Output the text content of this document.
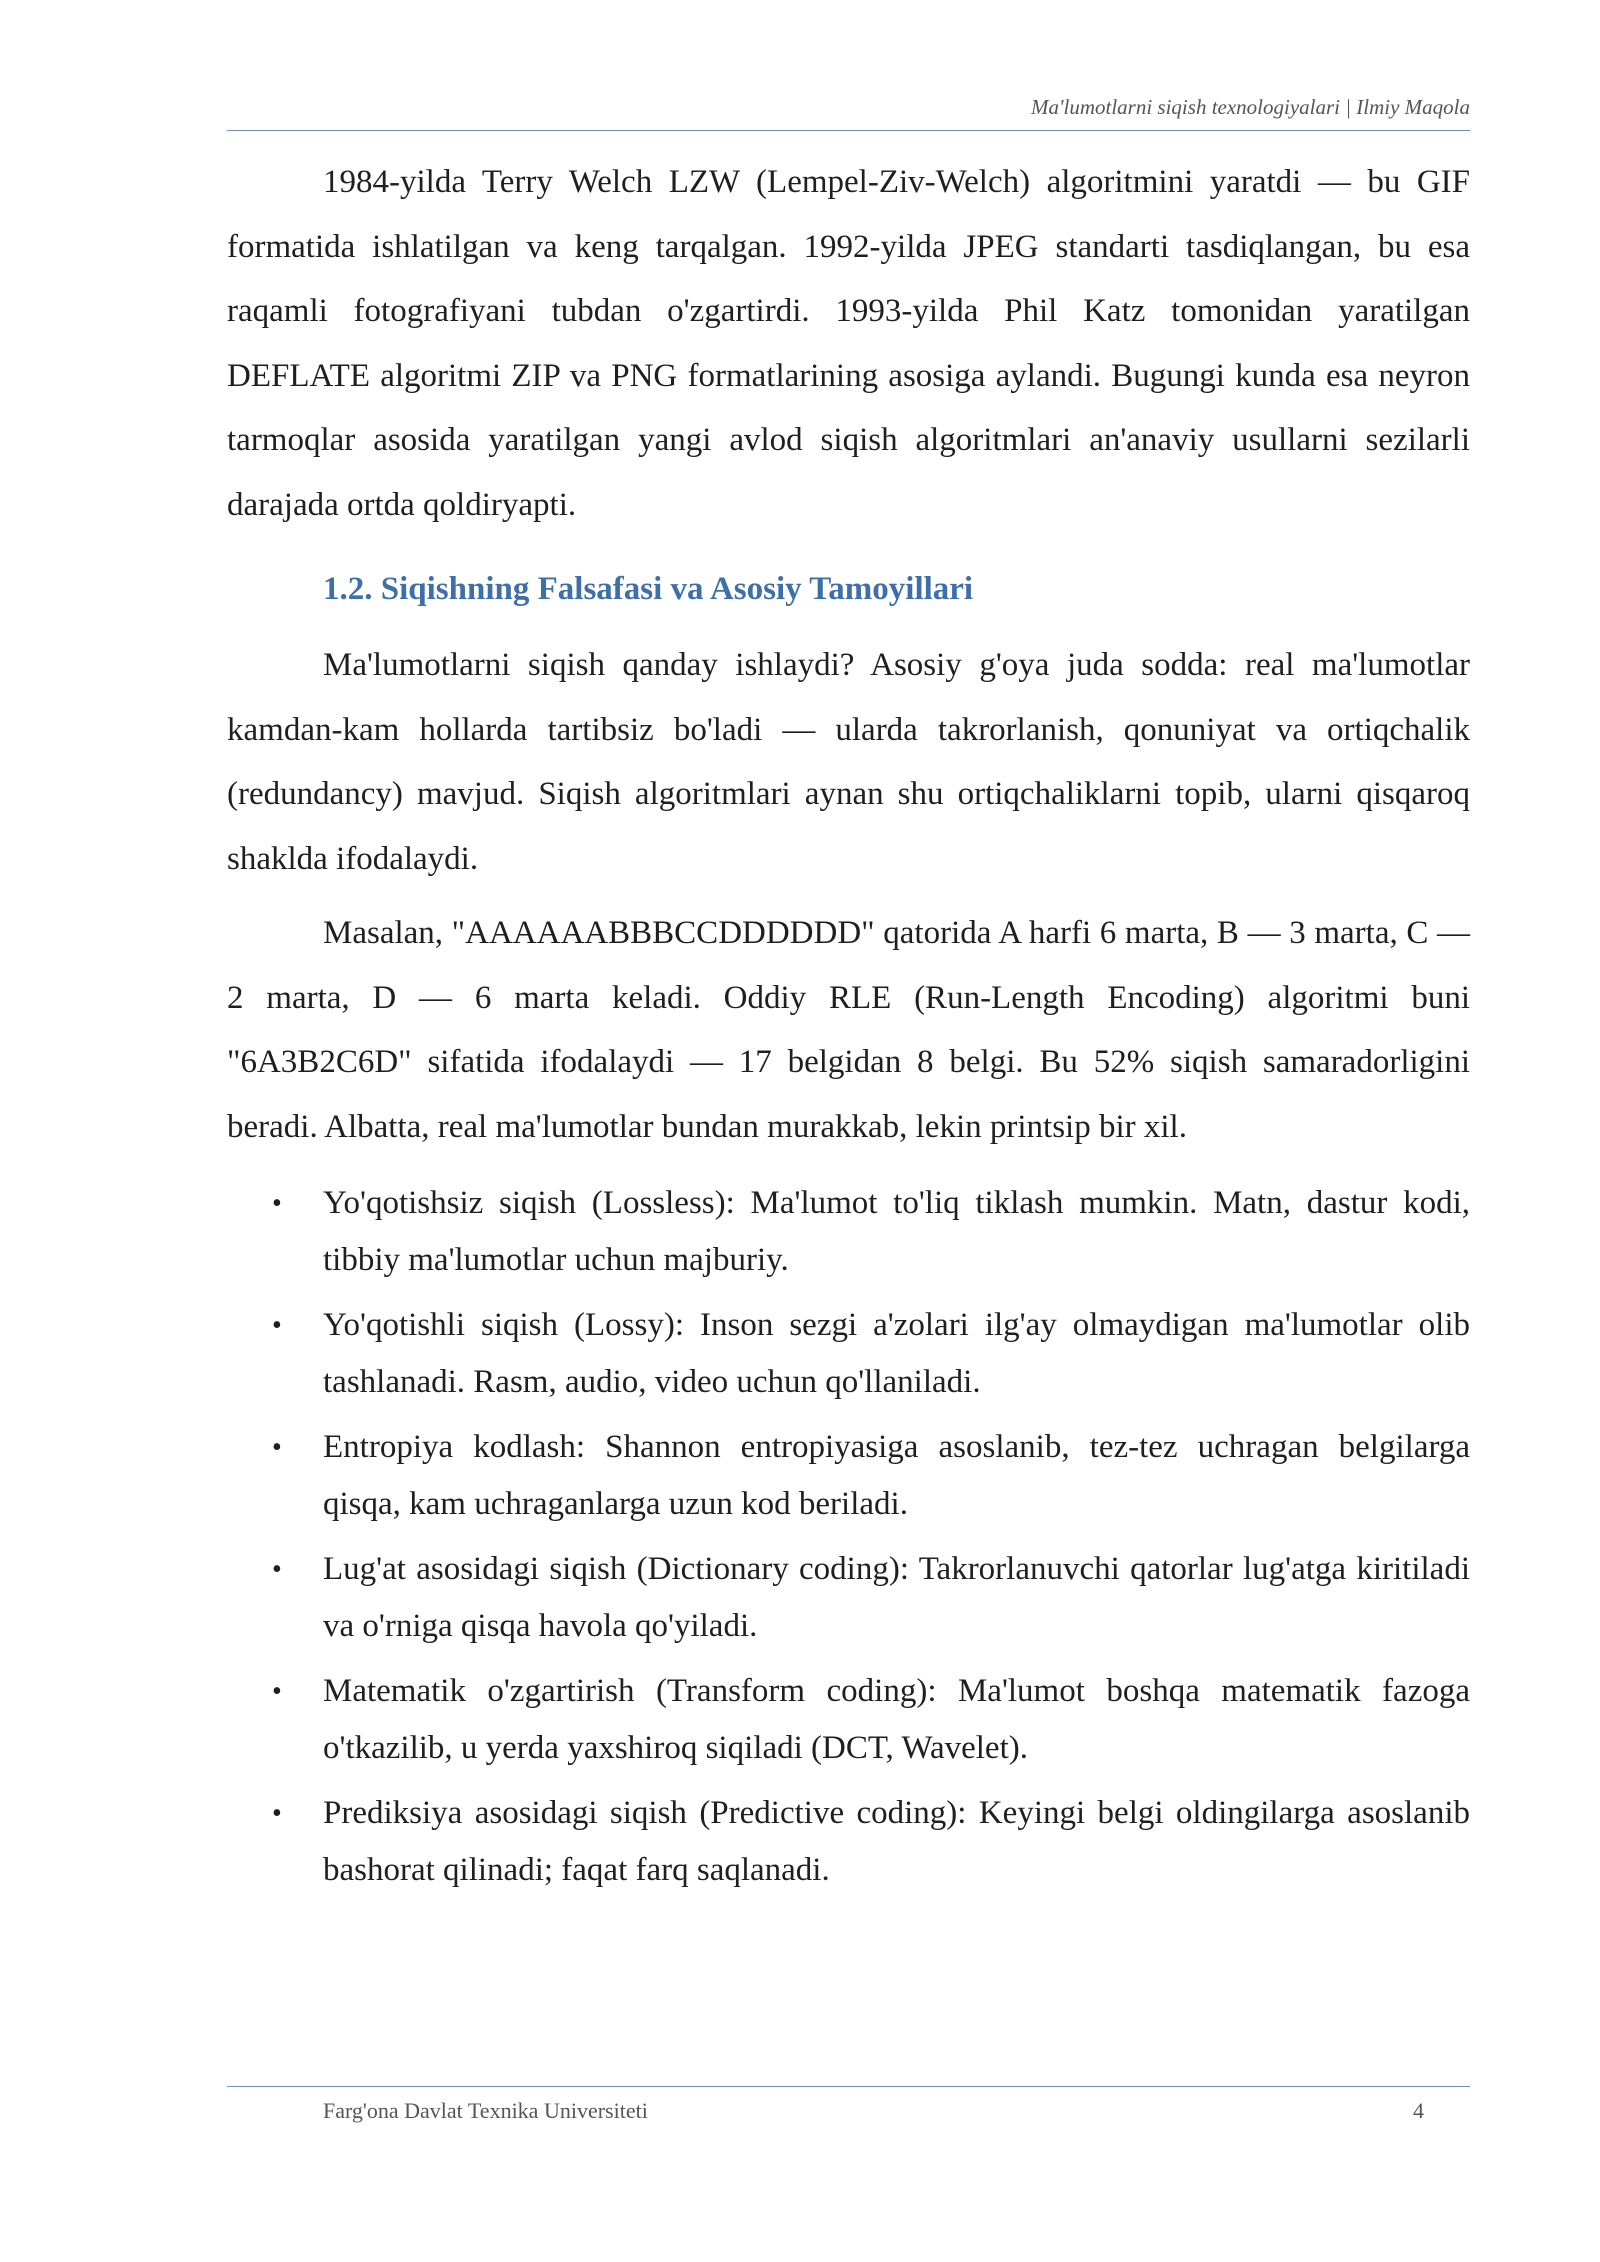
Ma'lumotlarni siqish texnologiyalari | Ilmiy Maqola

1984-yilda Terry Welch LZW (Lempel-Ziv-Welch) algoritmini yaratdi — bu GIF formatida ishlatilgan va keng tarqalgan. 1992-yilda JPEG standarti tasdiqlangan, bu esa raqamli fotografiyani tubdan o'zgartirdi. 1993-yilda Phil Katz tomonidan yaratilgan DEFLATE algoritmi ZIP va PNG formatlarining asosiga aylandi. Bugungi kunda esa neyron tarmoqlar asosida yaratilgan yangi avlod siqish algoritmlari an'anaviy usullarni sezilarli darajada ortda qoldiryapti.

1.2. Siqishning Falsafasi va Asosiy Tamoyillari

Ma'lumotlarni siqish qanday ishlaydi? Asosiy g'oya juda sodda: real ma'lumotlar kamdan-kam hollarda tartibsiz bo'ladi — ularda takrorlanish, qonuniyat va ortiqchalik (redundancy) mavjud. Siqish algoritmlari aynan shu ortiqchaliklarni topib, ularni qisqaroq shaklda ifodalaydi.

Masalan, "AAAAAABBBCCDDDDDD" qatorida A harfi 6 marta, B — 3 marta, C — 2 marta, D — 6 marta keladi. Oddiy RLE (Run-Length Encoding) algoritmi buni "6A3B2C6D" sifatida ifodalaydi — 17 belgidan 8 belgi. Bu 52% siqish samaradorligini beradi. Albatta, real ma'lumotlar bundan murakkab, lekin printsip bir xil.

• Yo'qotishsiz siqish (Lossless): Ma'lumot to'liq tiklash mumkin. Matn, dastur kodi, tibbiy ma'lumotlar uchun majburiy.
• Yo'qotishli siqish (Lossy): Inson sezgi a'zolari ilg'ay olmaydigan ma'lumotlar olib tashlanadi. Rasm, audio, video uchun qo'llaniladi.
• Entropiya kodlash: Shannon entropiyasiga asoslanib, tez-tez uchragan belgilarga qisqa, kam uchraganlarga uzun kod beriladi.
• Lug'at asosidagi siqish (Dictionary coding): Takrorlanuvchi qatorlar lug'atga kiritiladi va o'rniga qisqa havola qo'yiladi.
• Matematik o'zgartirish (Transform coding): Ma'lumot boshqa matematik fazoga o'tkazilib, u yerda yaxshiroq siqiladi (DCT, Wavelet).
• Prediksiya asosidagi siqish (Predictive coding): Keyingi belgi oldingilarga asoslanib bashorat qilinadi; faqat farq saqlanadi.
Farg'ona Davlat Texnika Universiteti	4
